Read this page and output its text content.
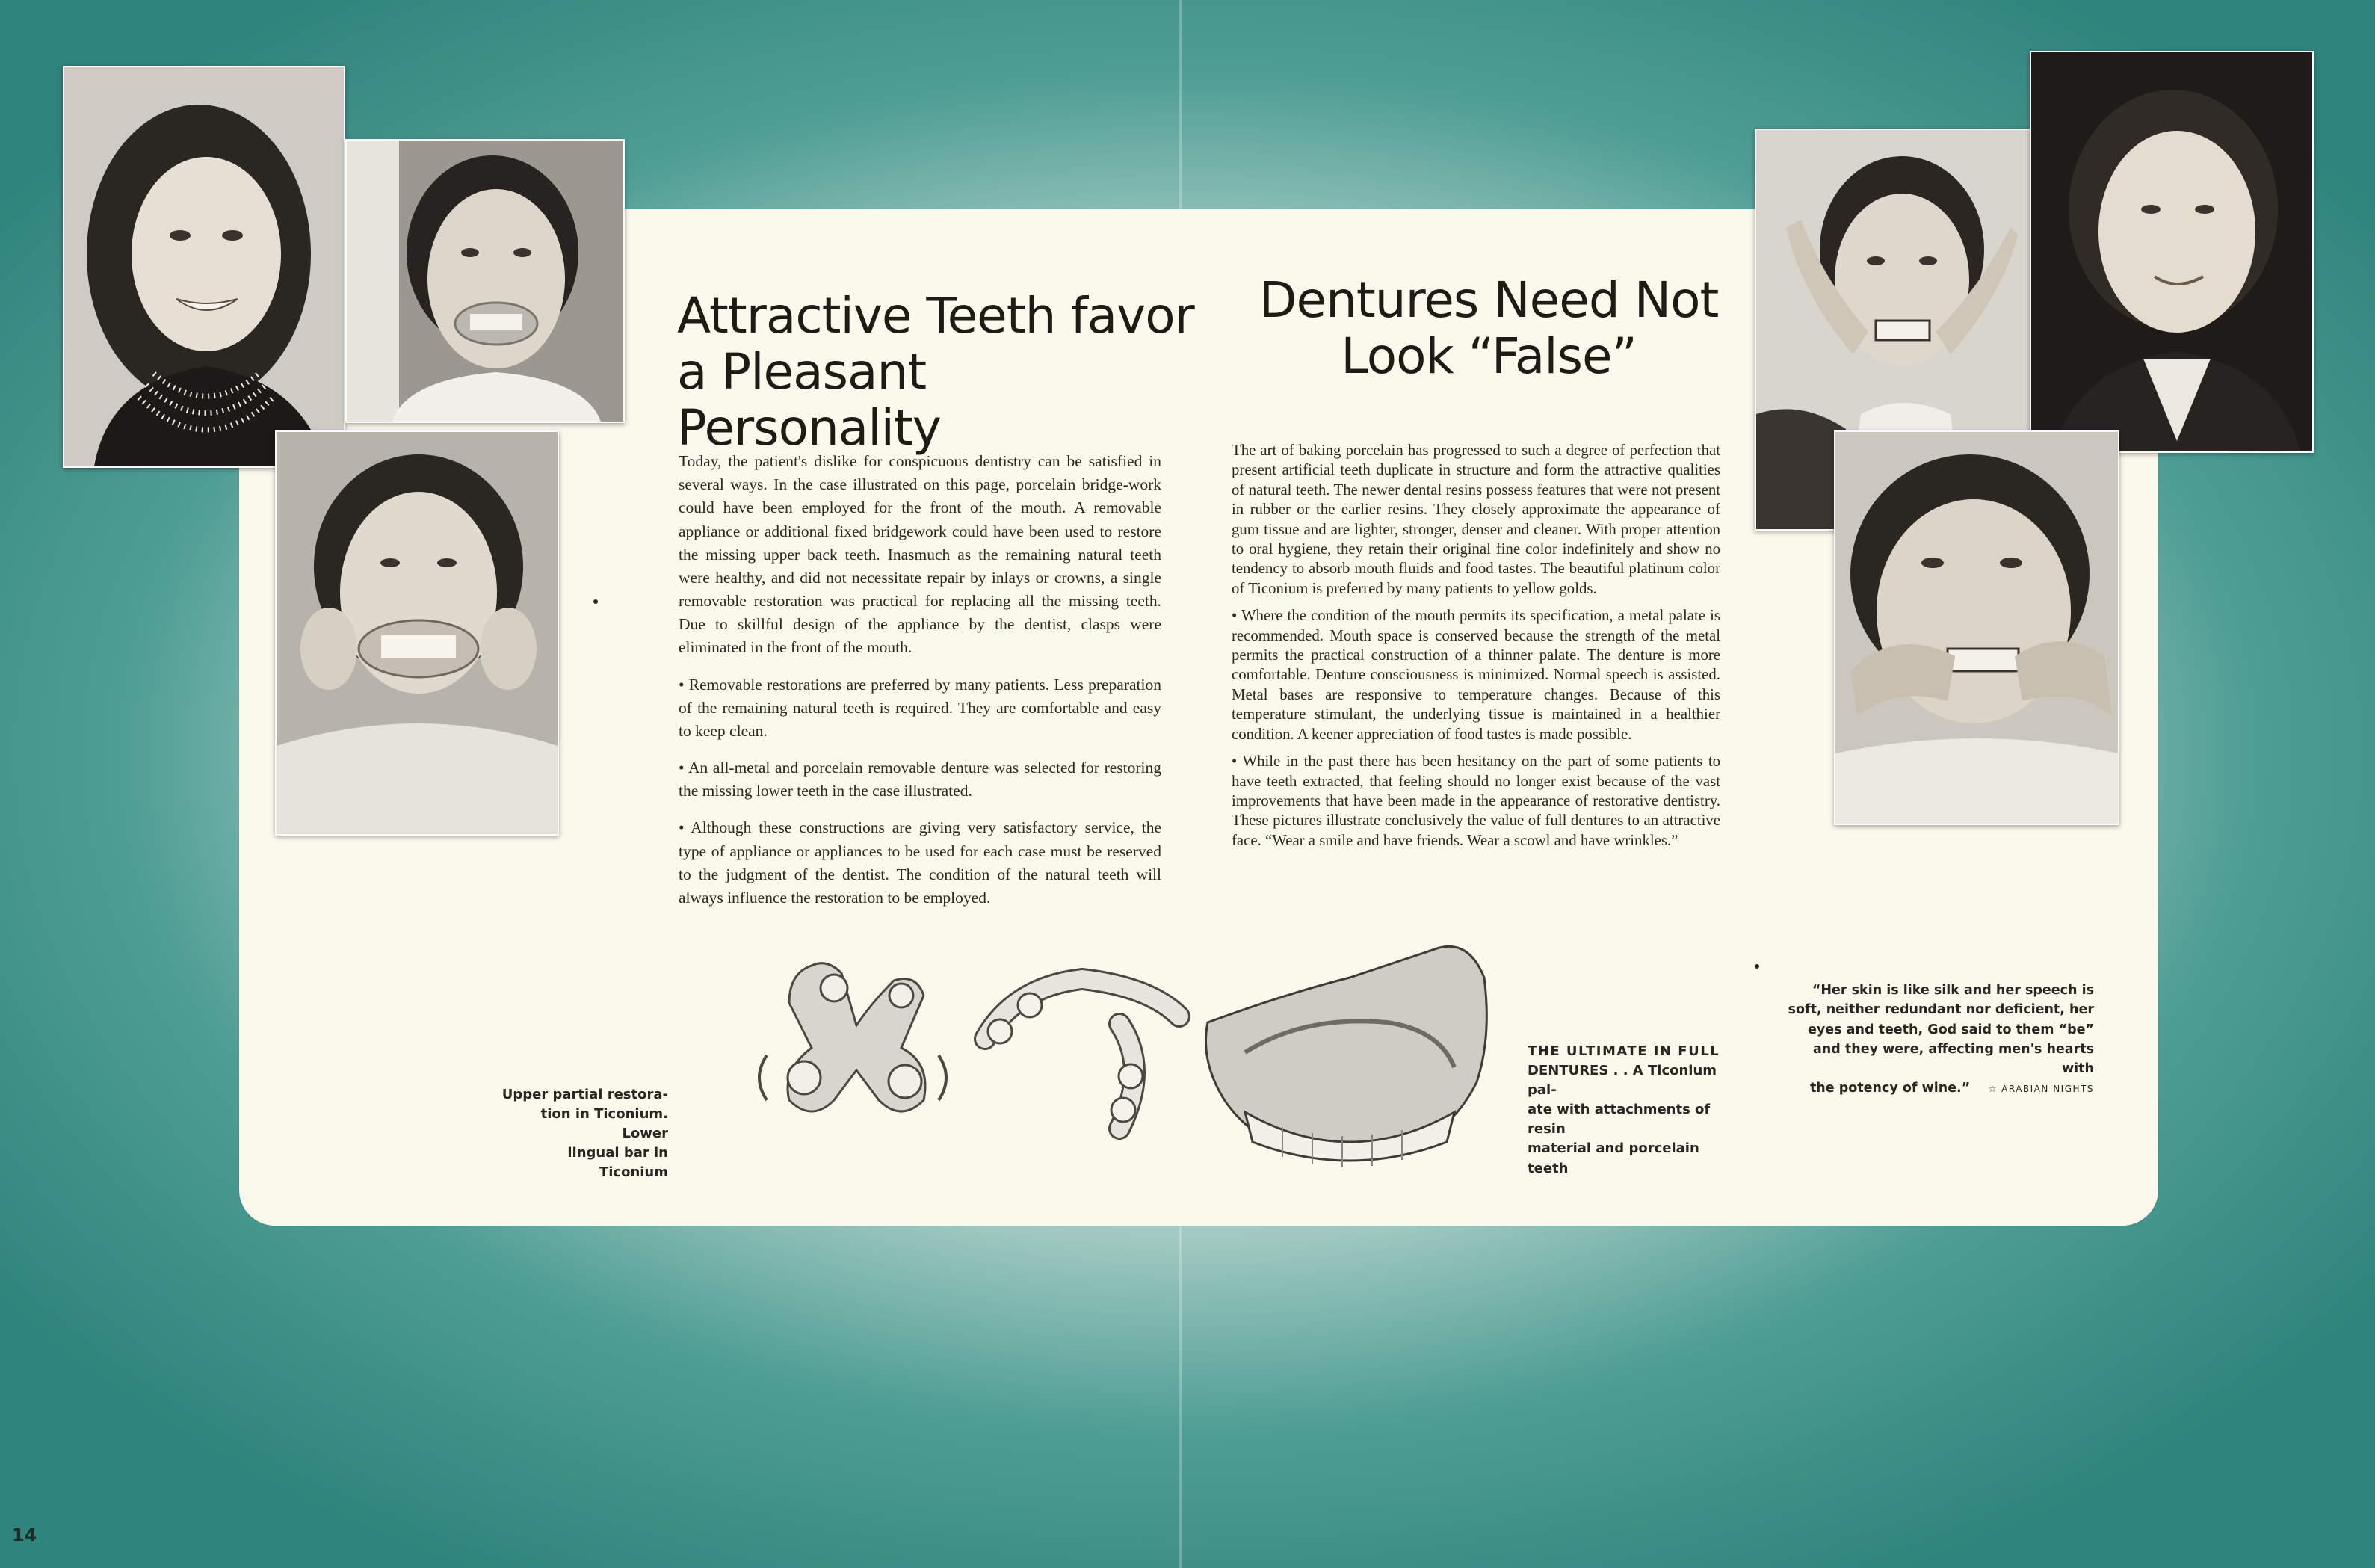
Attractive Teeth favor
a Pleasant Personality

Today, the patient's dislike for conspicuous dentistry can be satisfied in several ways. In the case illustrated on this page, porcelain bridge-work could have been employed for the front of the mouth. A removable appliance or additional fixed bridgework could have been used to restore the missing upper back teeth. Inasmuch as the remaining natural teeth were healthy, and did not necessitate repair by inlays or crowns, a single removable restoration was practical for replacing all the missing teeth. Due to skillful design of the appliance by the dentist, clasps were eliminated in the front of the mouth.

• Removable restorations are preferred by many patients. Less preparation of the remaining natural teeth is required. They are comfortable and easy to keep clean.

• An all-metal and porcelain removable denture was selected for restoring the missing lower teeth in the case illustrated.

• Although these constructions are giving very satisfactory service, the type of appliance or appliances to be used for each case must be reserved to the judgment of the dentist. The condition of the natural teeth will always influence the restoration to be employed.

Upper partial restora-
tion in Ticonium. Lower
lingual bar in Ticonium
Dentures Need Not
Look “False”

The art of baking porcelain has progressed to such a degree of perfection that present artificial teeth duplicate in structure and form the attractive qualities of natural teeth. The newer dental resins possess features that were not present in rubber or the earlier resins. They closely approximate the appearance of gum tissue and are lighter, stronger, denser and cleaner. With proper attention to oral hygiene, they retain their original fine color indefinitely and show no tendency to absorb mouth fluids and food tastes. The beautiful platinum color of Ticonium is preferred by many patients to yellow golds.

• Where the condition of the mouth permits its specification, a metal palate is recommended. Mouth space is conserved because the strength of the metal permits the practical construction of a thinner palate. The denture is more comfortable. Denture consciousness is minimized. Normal speech is assisted. Metal bases are responsive to temperature changes. Because of this temperature stimulant, the underlying tissue is maintained in a healthier condition. A keener appreciation of food tastes is made possible.

• While in the past there has been hesitancy on the part of some patients to have teeth extracted, that feeling should no longer exist because of the vast improvements that have been made in the appearance of restorative dentistry. These pictures illustrate conclusively the value of full dentures to an attractive face. “Wear a smile and have friends. Wear a scowl and have wrinkles.”

THE ULTIMATE IN FULL
DENTURES . . A Ticonium pal-
ate with attachments of resin
material and porcelain teeth
“Her skin is like silk and her speech is
soft, neither redundant nor deficient, her
eyes and teeth, God said to them “be”
and they were, affecting men's hearts with
the potency of wine.” ☆ ARABIAN NIGHTS
14
